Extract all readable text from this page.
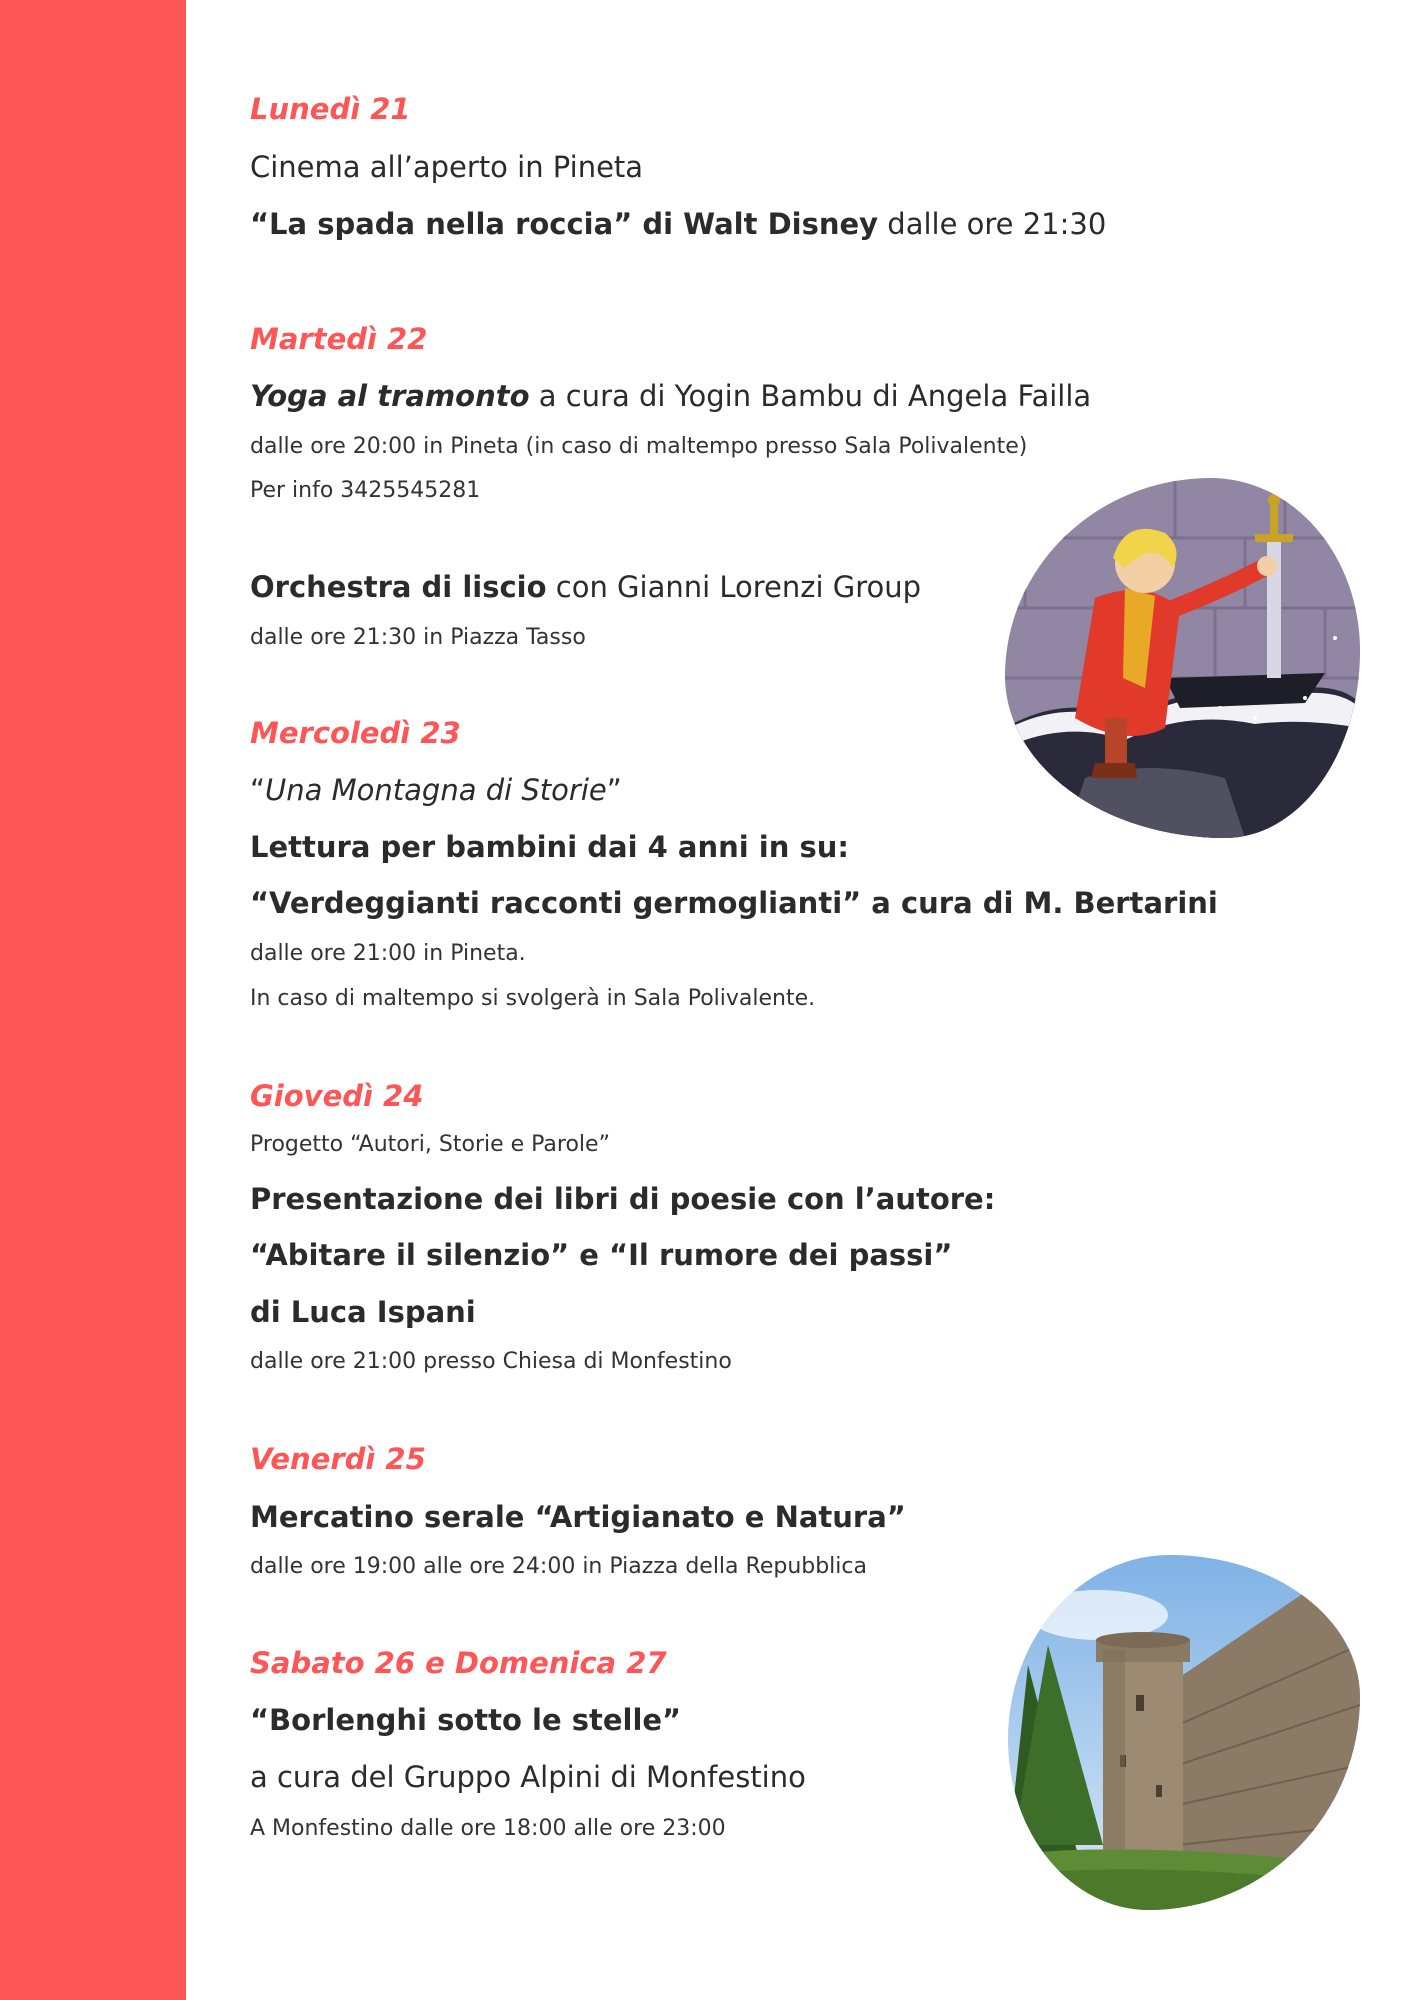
Lunedì 21
Cinema all’aperto in Pineta
“La spada nella roccia” di Walt Disney dalle ore 21:30
Martedì 22
Yoga al tramonto a cura di Yogin Bambu di Angela Failla
dalle ore 20:00 in Pineta (in caso di maltempo presso Sala Polivalente)
Per info 3425545281
Orchestra di liscio con Gianni Lorenzi Group
dalle ore 21:30 in Piazza Tasso
Mercoledì 23
“Una Montagna di Storie”
Lettura per bambini dai 4 anni in su:
“Verdeggianti racconti germoglianti” a cura di M. Bertarini
dalle ore 21:00 in Pineta.
In caso di maltempo si svolgerà in Sala Polivalente.
Giovedì 24
Progetto “Autori, Storie e Parole”
Presentazione dei libri di poesie con l’autore:
“Abitare il silenzio” e “Il rumore dei passi”
di Luca Ispani
dalle ore 21:00 presso Chiesa di Monfestino
Venerdì 25
Mercatino serale “Artigianato e Natura”
dalle ore 19:00 alle ore 24:00 in Piazza della Repubblica
Sabato 26 e Domenica 27
“Borlenghi sotto le stelle”
a cura del Gruppo Alpini di Monfestino
A Monfestino dalle ore 18:00 alle ore 23:00
